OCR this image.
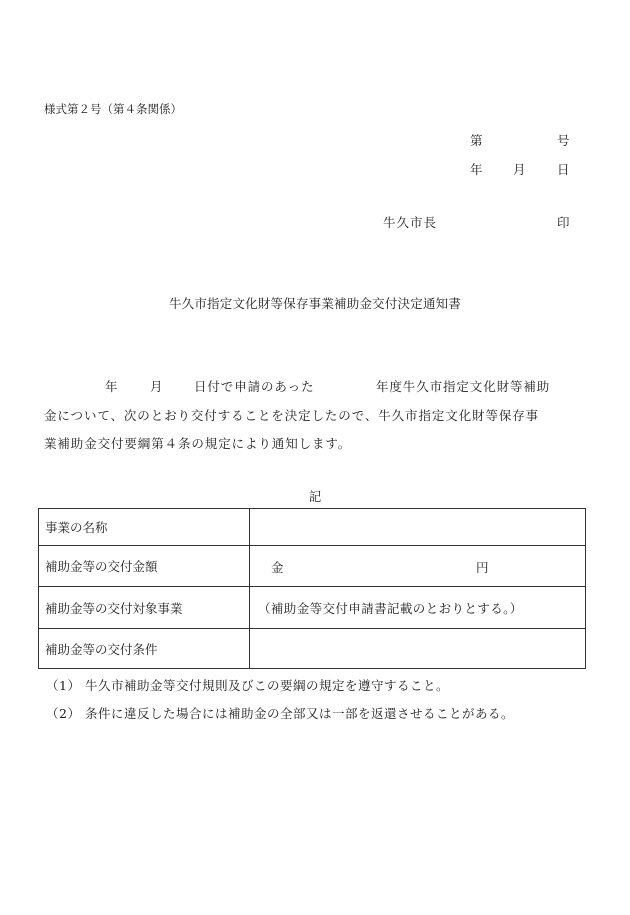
様式第２号（第４条関係）
第	号
年 月	日
牛久市長	印
牛久市指定文化財等保存事業補助金交付決定通知書
年	月 日付で申請のあった	年度牛久市指定文化財等補助
金について、次のとおり交付することを決定したので、牛久市指定文化財等保存事
業補助金交付要綱第４条の規定により通知します。
記
事業の名称	
補助金等の交付金額	金 円

補助金等の交付対象事業	（補助金等交付申請書記載のとおりとする。）
補助金等の交付条件	
（1） 牛久市補助金等交付規則及びこの要綱の規定を遵守すること。
（2） 条件に違反した場合には補助金の全部又は一部を返還させることがある。
